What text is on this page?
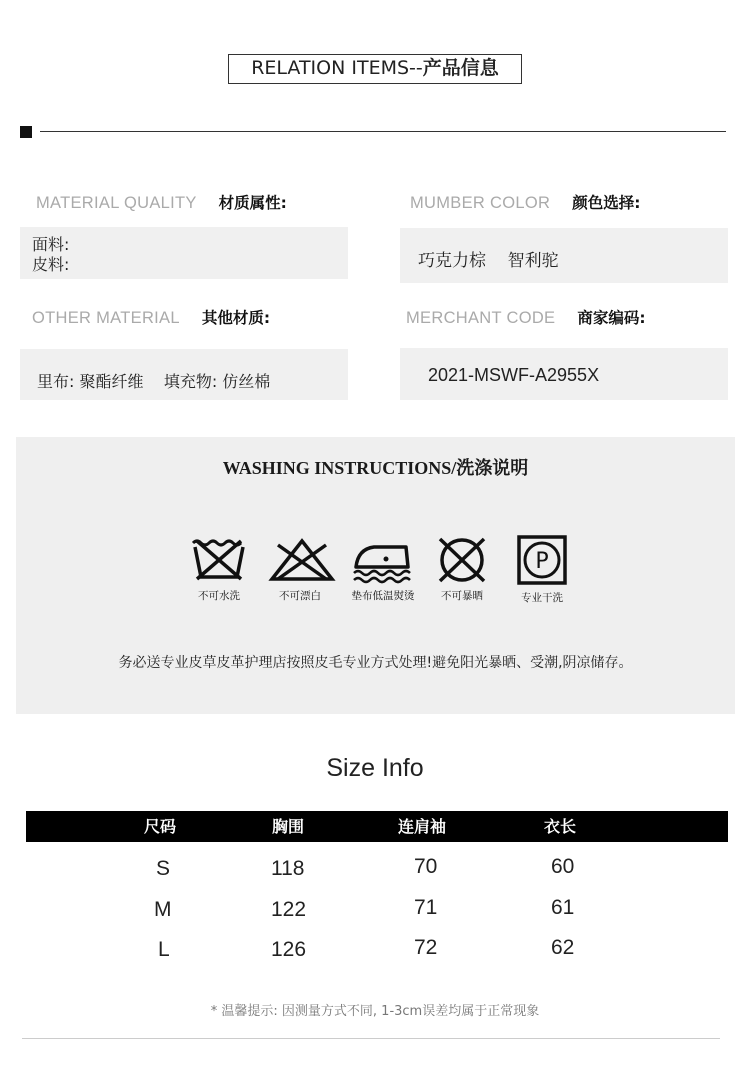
RELATION ITEMS--产品信息
MATERIAL QUALITY 材质属性:
面料:
皮料:
MUMBER COLOR 颜色选择:
巧克力棕    智利驼
OTHER MATERIAL 其他材质:
里布: 聚酯纤维    填充物: 仿丝棉
MERCHANT CODE 商家编码:
2021-MSWF-A2955X
WASHING INSTRUCTIONS/洗涤说明
不可水洗	不可漂白	垫布低温熨烫	不可暴晒
P
专业干洗
务必送专业皮草皮革护理店按照皮毛专业方式处理!避免阳光暴晒、受潮,阴凉储存。
Size Info
尺码	胸围	连肩袖	衣长
S	118	70	60
M	122	71	61
L	126	72	62
* 温馨提示: 因测量方式不同, 1-3cm误差均属于正常现象
